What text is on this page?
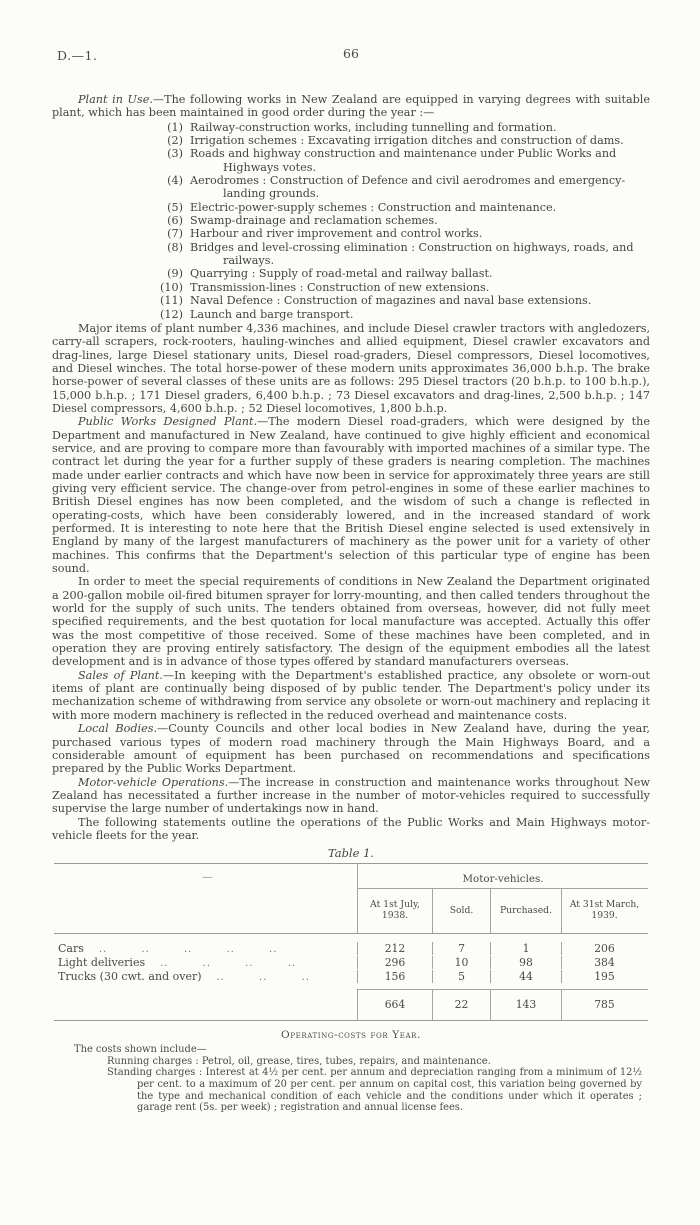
D.—1.	66

Plant in Use.—The following works in New Zealand are equipped in varying degrees with suitable plant, which has been maintained in good order during the year :—

(1) Railway-construction works, including tunnelling and formation.
(2) Irrigation schemes : Excavating irrigation ditches and construction of dams.
(3) Roads and highway construction and maintenance under Public Works and Highways votes.
(4) Aerodromes : Construction of Defence and civil aerodromes and emergency-landing grounds.
(5) Electric-power-supply schemes : Construction and maintenance.
(6) Swamp-drainage and reclamation schemes.
(7) Harbour and river improvement and control works.
(8) Bridges and level-crossing elimination : Construction on highways, roads, and railways.
(9) Quarrying : Supply of road-metal and railway ballast.
(10) Transmission-lines : Construction of new extensions.
(11) Naval Defence : Construction of magazines and naval base extensions.
(12) Launch and barge transport.

Major items of plant number 4,336 machines, and include Diesel crawler tractors with angledozers, carry-all scrapers, rock-rooters, hauling-winches and allied equipment, Diesel crawler excavators and drag-lines, large Diesel stationary units, Diesel road-graders, Diesel compressors, Diesel locomotives, and Diesel winches. The total horse-power of these modern units approximates 36,000 b.h.p. The brake horse-power of several classes of these units are as follows: 295 Diesel tractors (20 b.h.p. to 100 b.h.p.), 15,000 b.h.p. ; 171 Diesel graders, 6,400 b.h.p. ; 73 Diesel excavators and drag-lines, 2,500 b.h.p. ; 147 Diesel compressors, 4,600 b.h.p. ; 52 Diesel locomotives, 1,800 b.h.p.

Public Works Designed Plant.—The modern Diesel road-graders, which were designed by the Department and manufactured in New Zealand, have continued to give highly efficient and economical service, and are proving to compare more than favourably with imported machines of a similar type. The contract let during the year for a further supply of these graders is nearing completion. The machines made under earlier contracts and which have now been in service for approximately three years are still giving very efficient service. The change-over from petrol-engines in some of these earlier machines to British Diesel engines has now been completed, and the wisdom of such a change is reflected in operating-costs, which have been considerably lowered, and in the increased standard of work performed. It is interesting to note here that the British Diesel engine selected is used extensively in England by many of the largest manufacturers of machinery as the power unit for a variety of other machines. This confirms that the Department's selection of this particular type of engine has been sound.

In order to meet the special requirements of conditions in New Zealand the Department originated a 200-gallon mobile oil-fired bitumen sprayer for lorry-mounting, and then called tenders throughout the world for the supply of such units. The tenders obtained from overseas, however, did not fully meet specified requirements, and the best quotation for local manufacture was accepted. Actually this offer was the most competitive of those received. Some of these machines have been completed, and in operation they are proving entirely satisfactory. The design of the equipment embodies all the latest development and is in advance of those types offered by standard manufacturers overseas.

Sales of Plant.—In keeping with the Department's established practice, any obsolete or worn-out items of plant are continually being disposed of by public tender. The Department's policy under its mechanization scheme of withdrawing from service any obsolete or worn-out machinery and replacing it with more modern machinery is reflected in the reduced overhead and maintenance costs.

Local Bodies.—County Councils and other local bodies in New Zealand have, during the year, purchased various types of modern road machinery through the Main Highways Board, and a considerable amount of equipment has been purchased on recommendations and specifications prepared by the Public Works Department.

Motor-vehicle Operations.—The increase in construction and maintenance works throughout New Zealand has necessitated a further increase in the number of motor-vehicles required to successfully supervise the large number of undertakings now in hand.

The following statements outline the operations of the Public Works and Main Highways motor-vehicle fleets for the year.

Table 1.
—	Motor-vehicles.
At 1st July, 1938.	Sold.	Purchased.	At 31st March, 1939.
Cars .. .. .. .. ..	212	7	1	206
Light deliveries .. .. .. ..	296	10	98	384
Trucks (30 cwt. and over) .. .. ..	156	5	44	195
664	22	143	785
Operating-costs for Year.
The costs shown include—
Running charges : Petrol, oil, grease, tires, tubes, repairs, and maintenance.
Standing charges : Interest at 4½ per cent. per annum and depreciation ranging from a minimum of 12½ per cent. to a maximum of 20 per cent. per annum on capital cost, this variation being governed by the type and mechanical condition of each vehicle and the conditions under which it operates ; garage rent (5s. per week) ; registration and annual license fees.
